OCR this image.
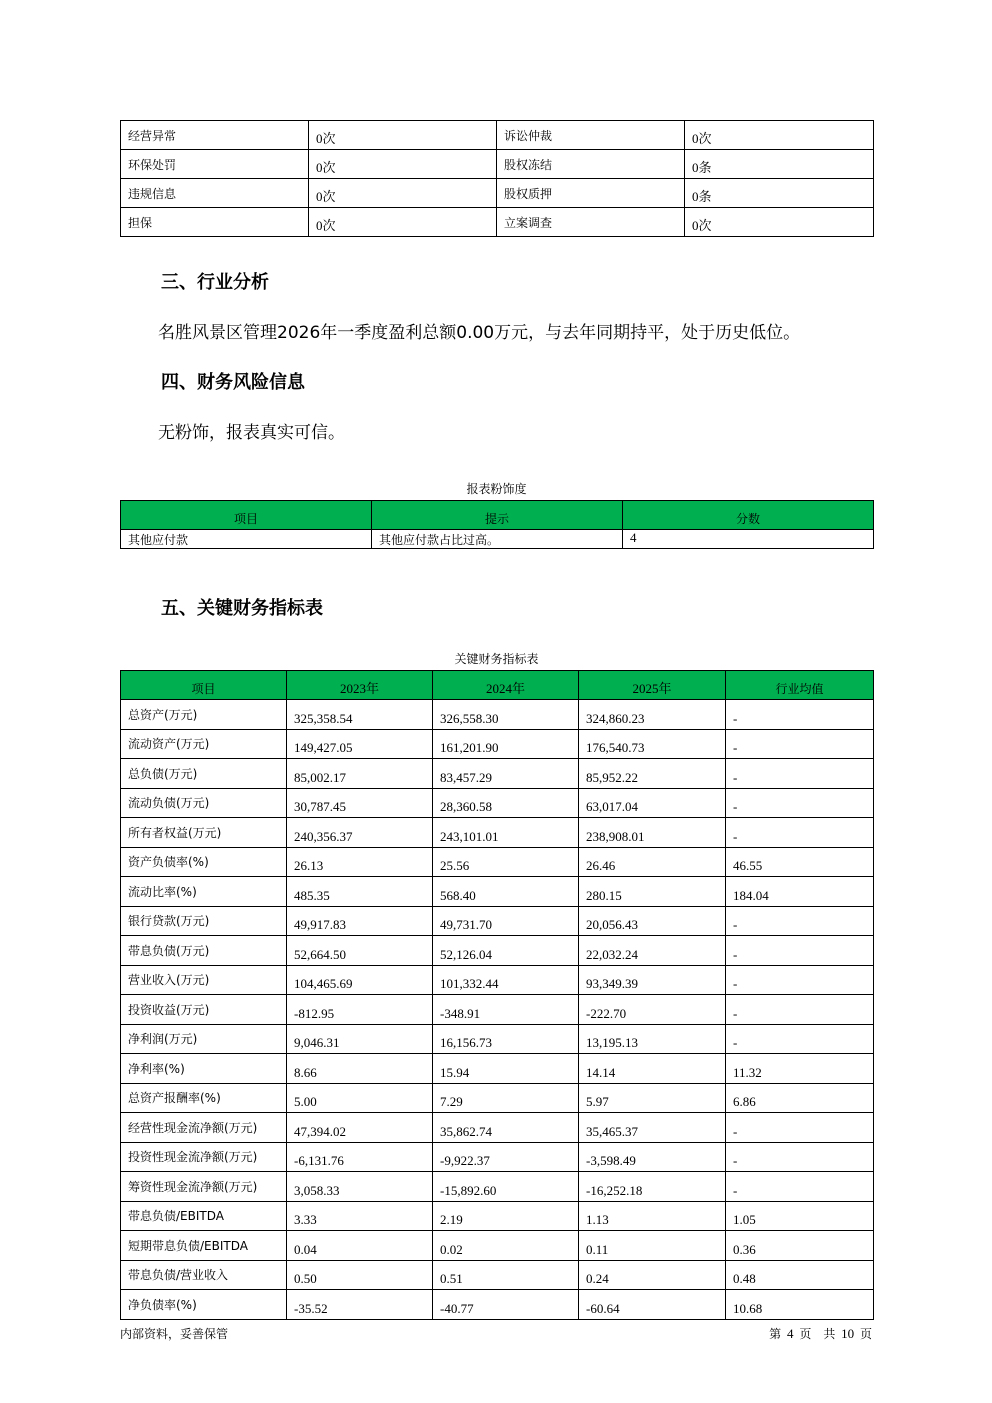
经营异常	0次	诉讼仲裁	0次
环保处罚	0次	股权冻结	0条
违规信息	0次	股权质押	0条
担保	0次	立案调查	0次
三、行业分析

名胜风景区管理2026年一季度盈利总额0.00万元，与去年同期持平，处于历史低位。

四、财务风险信息

无粉饰，报表真实可信。

报表粉饰度
项目	提示	分数
其他应付款	其他应付款占比过高。	4
五、关键财务指标表
关键财务指标表
项目	2023年	2024年	2025年	行业均值
总资产(万元)	325,358.54	326,558.30	324,860.23	-
流动资产(万元)	149,427.05	161,201.90	176,540.73	-
总负债(万元)	85,002.17	83,457.29	85,952.22	-
流动负债(万元)	30,787.45	28,360.58	63,017.04	-
所有者权益(万元)	240,356.37	243,101.01	238,908.01	-
资产负债率(%)	26.13	25.56	26.46	46.55
流动比率(%)	485.35	568.40	280.15	184.04
银行贷款(万元)	49,917.83	49,731.70	20,056.43	-
带息负债(万元)	52,664.50	52,126.04	22,032.24	-
营业收入(万元)	104,465.69	101,332.44	93,349.39	-
投资收益(万元)	-812.95	-348.91	-222.70	-
净利润(万元)	9,046.31	16,156.73	13,195.13	-
净利率(%)	8.66	15.94	14.14	11.32
总资产报酬率(%)	5.00	7.29	5.97	6.86
经营性现金流净额(万元)	47,394.02	35,862.74	35,465.37	-
投资性现金流净额(万元)	-6,131.76	-9,922.37	-3,598.49	-
筹资性现金流净额(万元)	3,058.33	-15,892.60	-16,252.18	-
带息负债/EBITDA	3.33	2.19	1.13	1.05
短期带息负债/EBITDA	0.04	0.02	0.11	0.36
带息负债/营业收入	0.50	0.51	0.24	0.48
净负债率(%)	-35.52	-40.77	-60.64	10.68
内部资料，妥善保管	第 4 页　共 10 页
